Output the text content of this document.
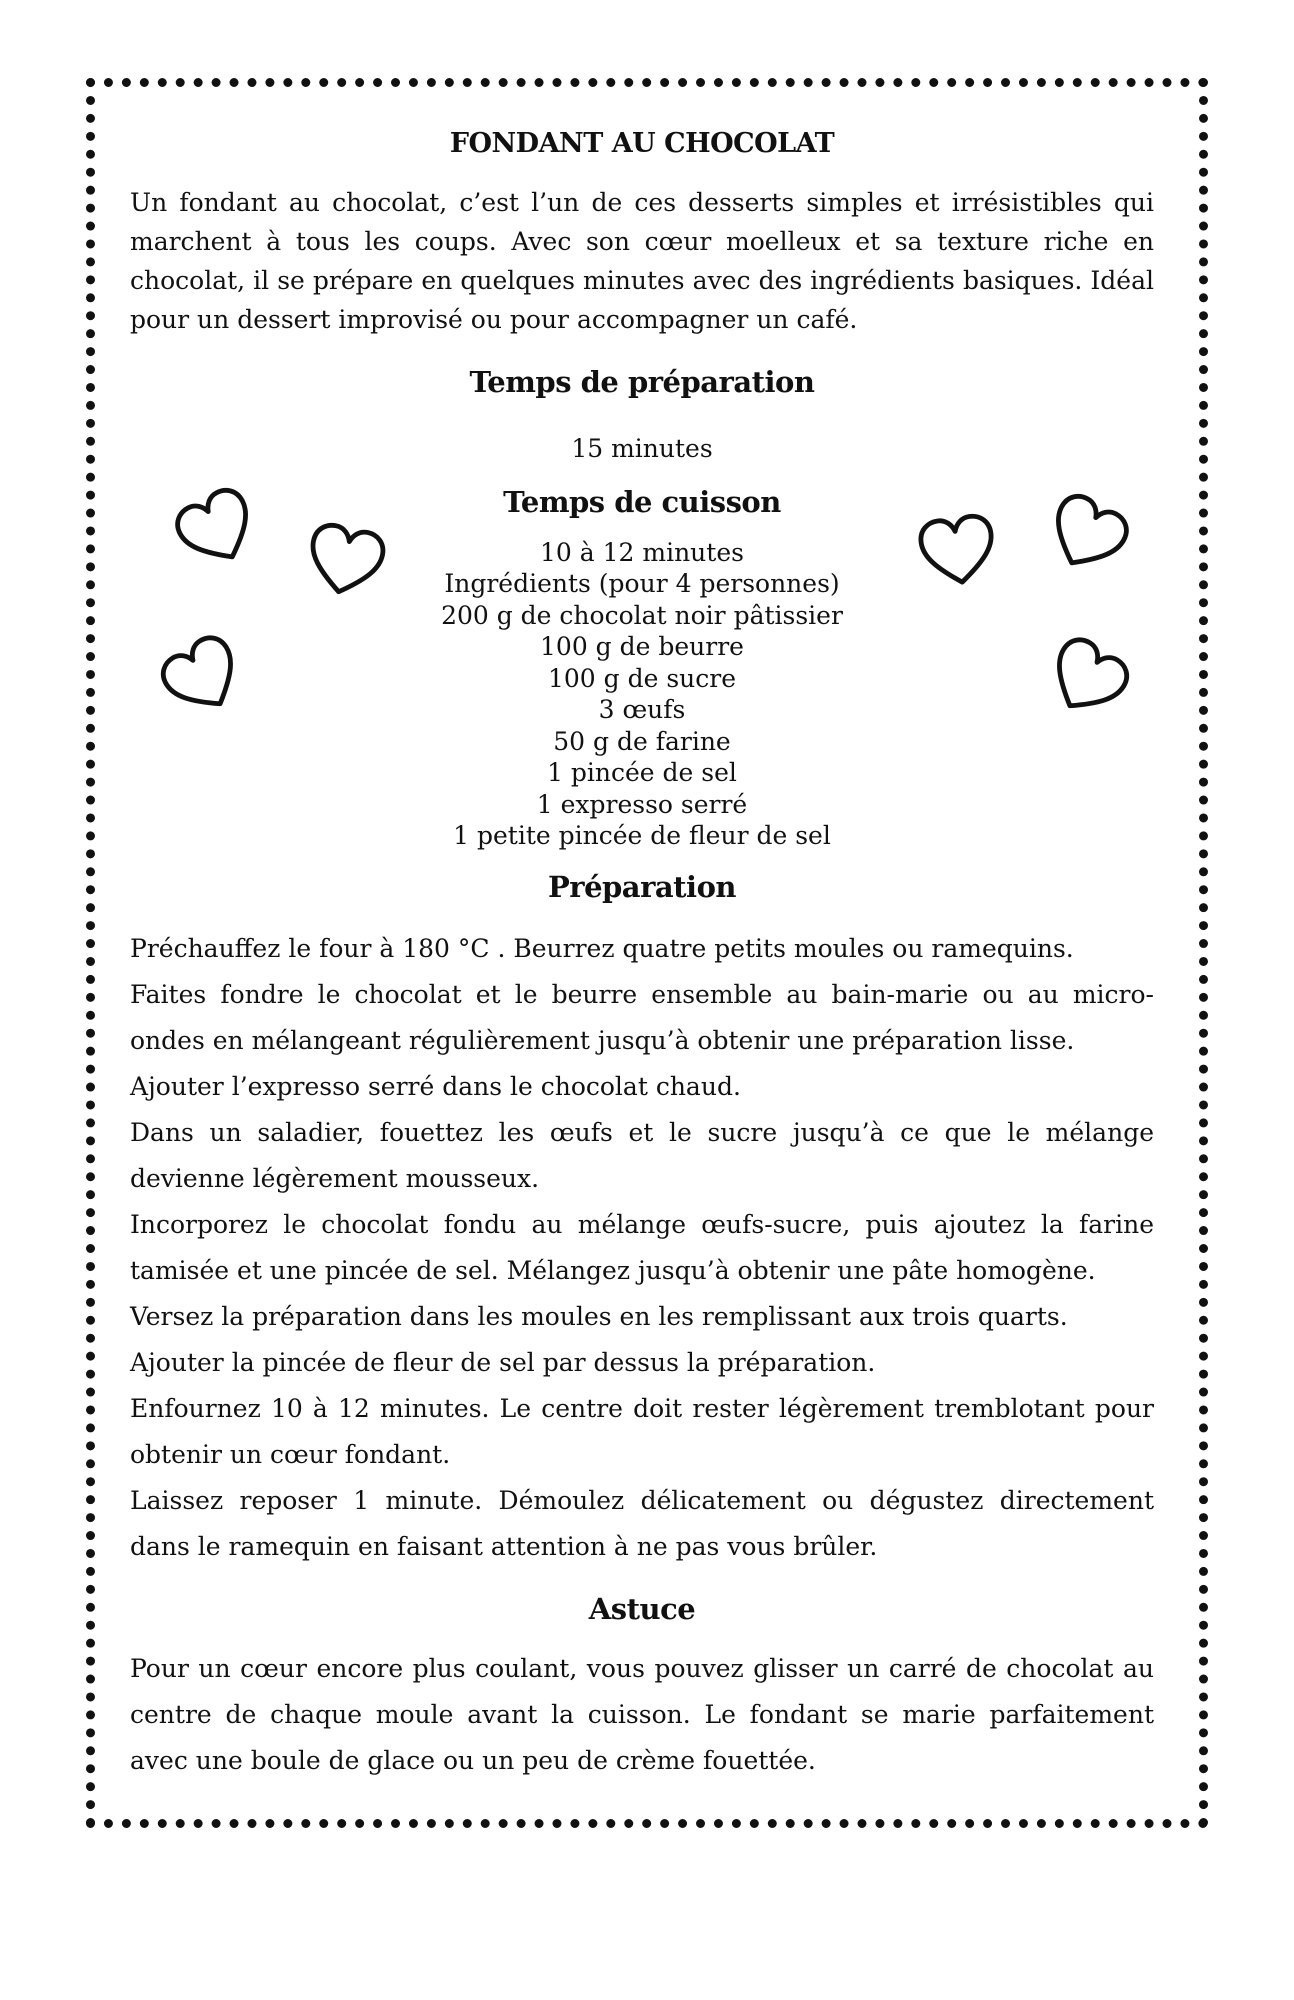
FONDANT AU CHOCOLAT

Un fondant au chocolat, c’est l’un de ces desserts simples et irrésistibles qui marchent à tous les coups. Avec son cœur moelleux et sa texture riche en chocolat, il se prépare en quelques minutes avec des ingrédients basiques. Idéal pour un dessert improvisé ou pour accompagner un café.

Temps de préparation

15 minutes

Temps de cuisson

10 à 12 minutes

Ingrédients (pour 4 personnes)

200 g de chocolat noir pâtissier

100 g de beurre

100 g de sucre

3 œufs

50 g de farine

1 pincée de sel

1 expresso serré

1 petite pincée de fleur de sel

Préparation

Préchauffez le four à 180 °C . Beurrez quatre petits moules ou ramequins.

Faites fondre le chocolat et le beurre ensemble au bain-marie ou au micro-ondes en mélangeant régulièrement jusqu’à obtenir une préparation lisse.

Ajouter l’expresso serré dans le chocolat chaud.

Dans un saladier, fouettez les œufs et le sucre jusqu’à ce que le mélange devienne légèrement mousseux.

Incorporez le chocolat fondu au mélange œufs-sucre, puis ajoutez la farine tamisée et une pincée de sel. Mélangez jusqu’à obtenir une pâte homogène.

Versez la préparation dans les moules en les remplissant aux trois quarts.

Ajouter la pincée de fleur de sel par dessus la préparation.

Enfournez 10 à 12 minutes. Le centre doit rester légèrement tremblotant pour obtenir un cœur fondant.

Laissez reposer 1 minute. Démoulez délicatement ou dégustez directement dans le ramequin en faisant attention à ne pas vous brûler.

Astuce

Pour un cœur encore plus coulant, vous pouvez glisser un carré de chocolat au centre de chaque moule avant la cuisson. Le fondant se marie parfaitement avec une boule de glace ou un peu de crème fouettée.
